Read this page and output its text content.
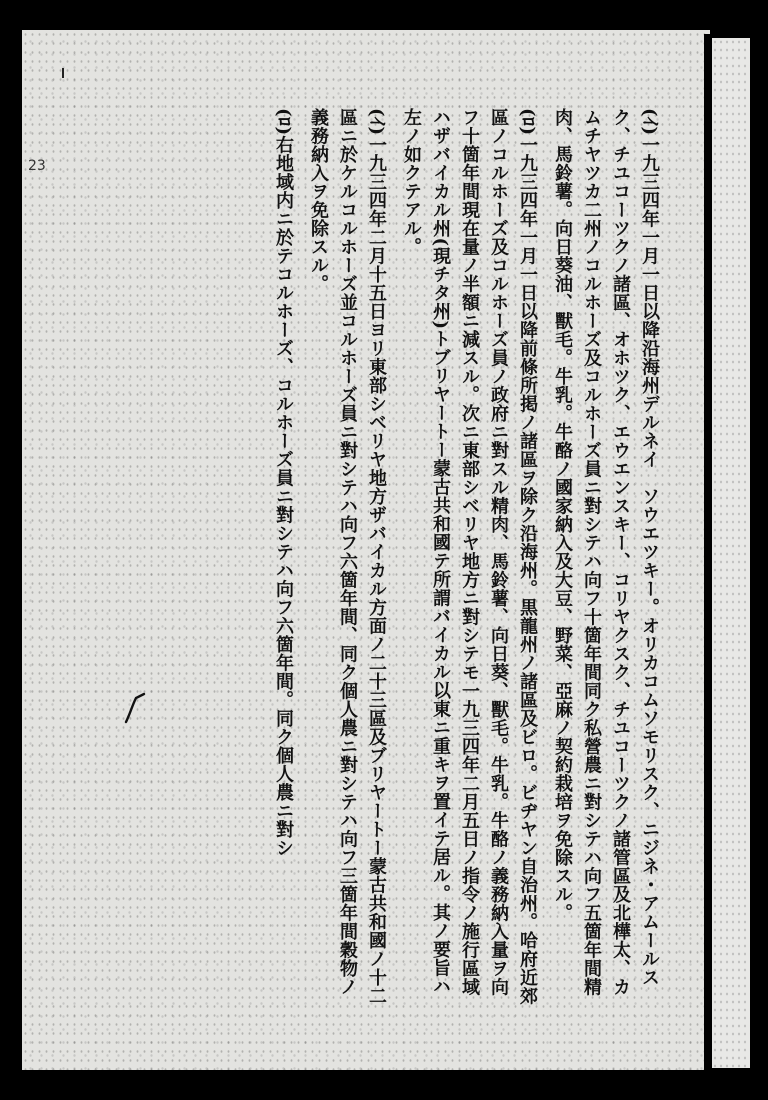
23

(ｲ)一九三四年一月一日以降沿海州デルネイ　ソウエツキー。オリカコムソモリスク、ニジネ・アムールスク、チユコーツクノ諸區、オホツク、エウエンスキー、コリヤクスク、チユコーツクノ諸管區及北樺太、カムチヤツカ二州ノコルホーズ及コルホーズ員ニ對シテハ向フ十箇年間同ク私營農ニ對シテハ向フ五箇年間精肉、馬鈴薯。向日葵油、獸毛。牛乳。牛酪ノ國家納入及大豆、野菜、亞麻ノ契約栽培ヲ免除スル。

(ﾛ)一九三四年一月一日以降前條所掲ノ諸區ヲ除ク沿海州。黒龍州ノ諸區及ビロ。ビヂヤン自治州。哈府近郊區ノコルホーズ及コルホーズ員ノ政府ニ對スル精肉、馬鈴薯、向日葵、獸毛。牛乳。牛酪ノ義務納入量ヲ向フ十箇年間現在量ノ半額ニ減スル。次ニ東部シベリヤ地方ニ對シテモ一九三四年二月五日ノ指令ノ施行區域ハザバイカル州(現チタ州)トブリヤートー蒙古共和國テ所謂バイカル以東ニ重キヲ置イテ居ル。其ノ要旨ハ左ノ如クテアル。

(ｲ)一九三四年二月十五日ヨリ東部シベリヤ地方ザバイカル方面ノ二十三區及ブリヤートー蒙古共和國ノ十二區ニ於ケルコルホーズ並コルホーズ員ニ對シテハ向フ六箇年間、同ク個人農ニ對シテハ向フ三箇年間穀物ノ義務納入ヲ免除スル。

(ﾛ)右地域内ニ於テコルホーズ、コルホーズ員ニ對シテハ向フ六箇年間。同ク個人農ニ對シ
